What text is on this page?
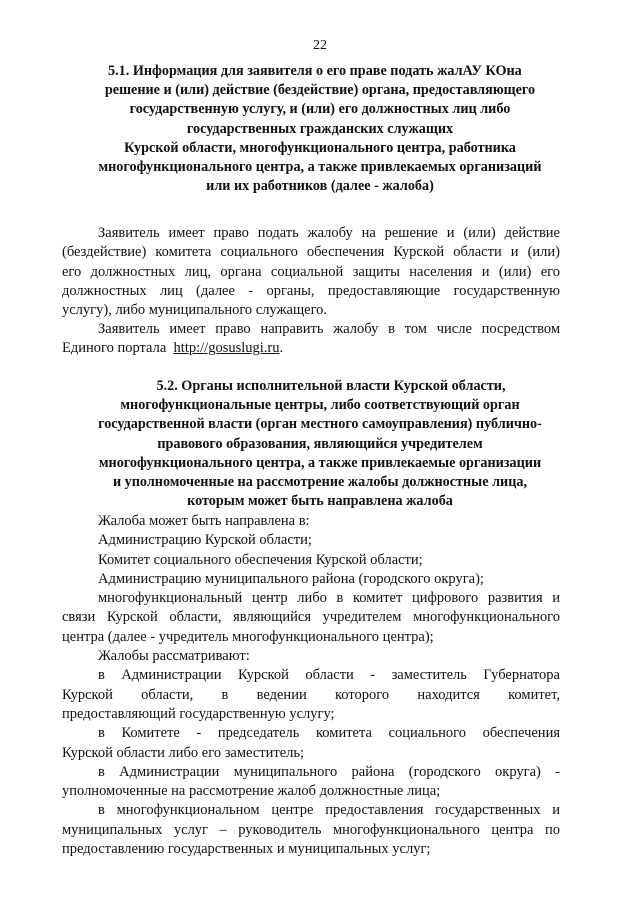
22
5.1. Информация для заявителя о его праве подать жалАУ КОна
решение и (или) действие (бездействие) органа, предоставляющего
государственную услугу, и (или) его должностных лиц либо
государственных гражданских служащих
Курской области, многофункционального центра, работника
многофункционального центра, а также привлекаемых организаций
или их работников (далее - жалоба)
Заявитель имеет право подать жалобу на решение и (или) действие
(бездействие) комитета социального обеспечения Курской области и (или)
его должностных лиц, органа социальной защиты населения и (или) его
должностных лиц (далее - органы, предоставляющие государственную
услугу), либо муниципального служащего.
Заявитель имеет право направить жалобу в том числе посредством
Единого портала http://gosuslugi.ru.
5.2. Органы исполнительной власти Курской области,
многофункциональные центры, либо соответствующий орган
государственной власти (орган местного самоуправления) публично-
правового образования, являющийся учредителем
многофункционального центра, а также привлекаемые организации
и уполномоченные на рассмотрение жалобы должностные лица,
которым может быть направлена жалоба
Жалоба может быть направлена в:
Администрацию Курской области;
Комитет социального обеспечения Курской области;
Администрацию муниципального района (городского округа);
многофункциональный центр либо в комитет цифрового развития и
связи Курской области, являющийся учредителем многофункционального
центра (далее - учредитель многофункционального центра);
Жалобы рассматривают:
в Администрации Курской области - заместитель Губернатора
Курской области, в ведении которого находится комитет,
предоставляющий государственную услугу;
в Комитете - председатель комитета социального обеспечения
Курской области либо его заместитель;
в Администрации муниципального района (городского округа) -
уполномоченные на рассмотрение жалоб должностные лица;
в многофункциональном центре предоставления государственных и
муниципальных услуг – руководитель многофункционального центра по
предоставлению государственных и муниципальных услуг;
